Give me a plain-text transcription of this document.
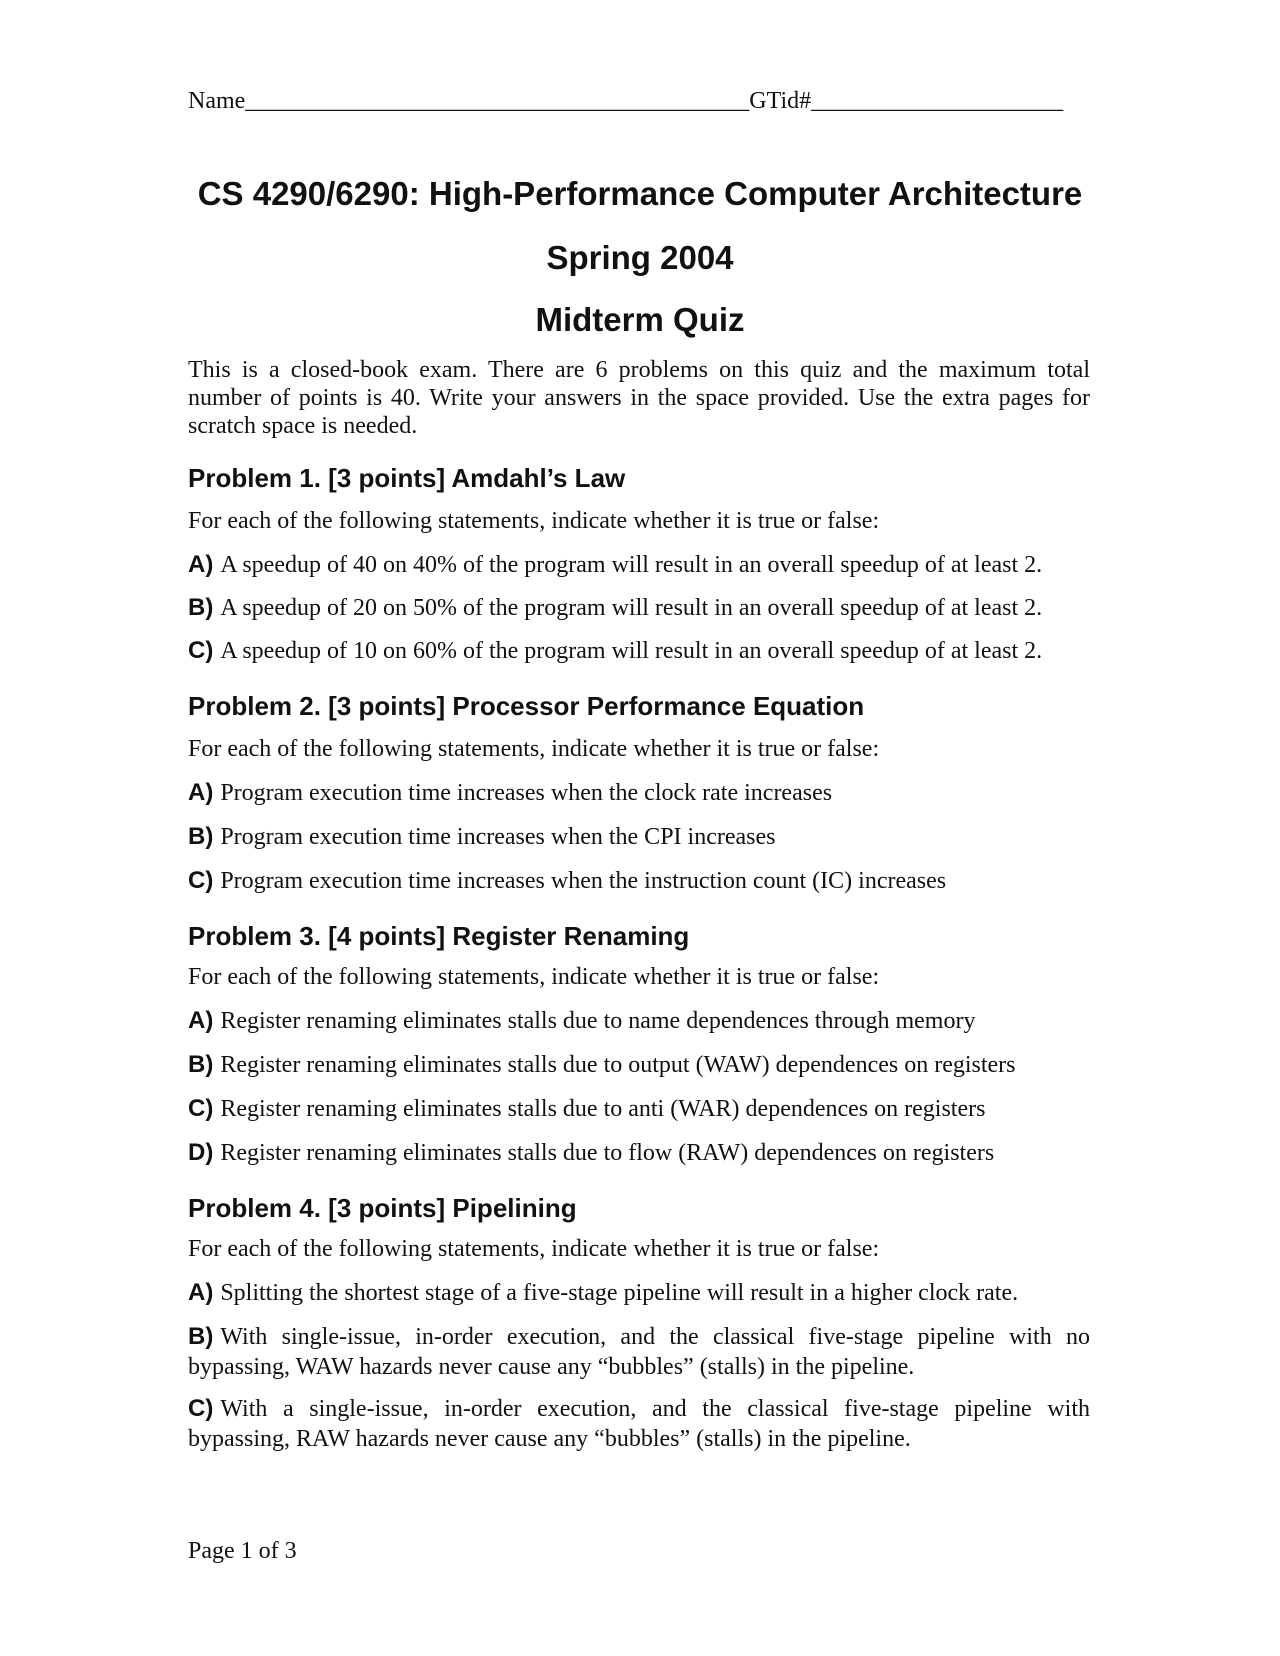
Name__________________________________________GTid#_____________________
CS 4290/6290: High-Performance Computer Architecture
Spring 2004
Midterm Quiz
This is a closed-book exam. There are 6 problems on this quiz and the maximum total number of points is 40. Write your answers in the space provided. Use the extra pages for scratch space is needed.
Problem 1. [3 points] Amdahl’s Law
For each of the following statements, indicate whether it is true or false:
A) A speedup of 40 on 40% of the program will result in an overall speedup of at least 2.
B) A speedup of 20 on 50% of the program will result in an overall speedup of at least 2.
C) A speedup of 10 on 60% of the program will result in an overall speedup of at least 2.
Problem 2. [3 points] Processor Performance Equation
For each of the following statements, indicate whether it is true or false:
A) Program execution time increases when the clock rate increases
B) Program execution time increases when the CPI increases
C) Program execution time increases when the instruction count (IC) increases
Problem 3. [4 points] Register Renaming
For each of the following statements, indicate whether it is true or false:
A) Register renaming eliminates stalls due to name dependences through memory
B) Register renaming eliminates stalls due to output (WAW) dependences on registers
C) Register renaming eliminates stalls due to anti (WAR) dependences on registers
D) Register renaming eliminates stalls due to flow (RAW) dependences on registers
Problem 4. [3 points] Pipelining
For each of the following statements, indicate whether it is true or false:
A) Splitting the shortest stage of a five-stage pipeline will result in a higher clock rate.
B) With single-issue, in-order execution, and the classical five-stage pipeline with no bypassing, WAW hazards never cause any “bubbles” (stalls) in the pipeline.
C) With a single-issue, in-order execution, and the classical five-stage pipeline with bypassing, RAW hazards never cause any “bubbles” (stalls) in the pipeline.
Page 1 of 3
